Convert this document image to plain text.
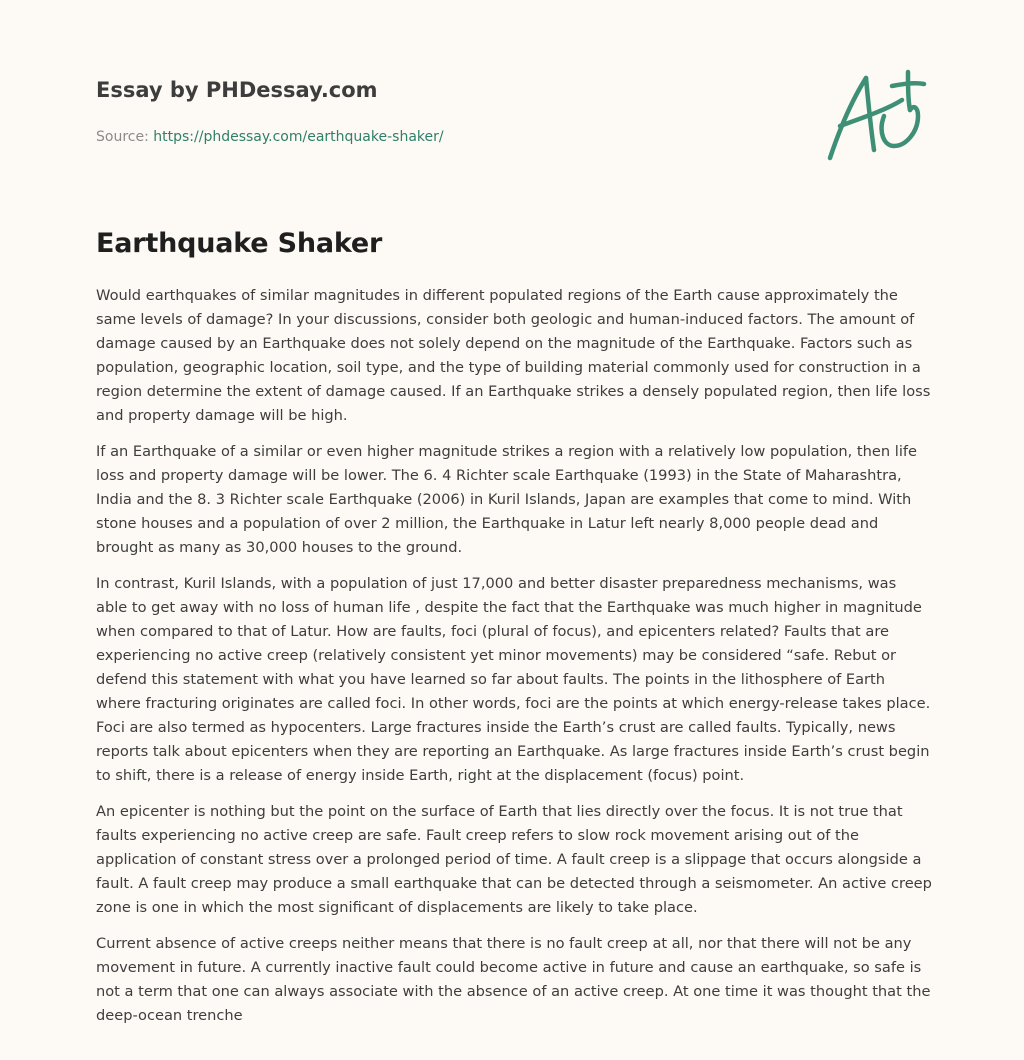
Essay by PHDessay.com
Source: https://phdessay.com/earthquake-shaker/
Earthquake Shaker

Would earthquakes of similar magnitudes in different populated regions of the Earth cause approximately the same levels of damage? In your discussions, consider both geologic and human-induced factors. The amount of damage caused by an Earthquake does not solely depend on the magnitude of the Earthquake. Factors such as population, geographic location, soil type, and the type of building material commonly used for construction in a region determine the extent of damage caused. If an Earthquake strikes a densely populated region, then life loss and property damage will be high.

If an Earthquake of a similar or even higher magnitude strikes a region with a relatively low population, then life loss and property damage will be lower. The 6. 4 Richter scale Earthquake (1993) in the State of Maharashtra, India and the 8. 3 Richter scale Earthquake (2006) in Kuril Islands, Japan are examples that come to mind. With stone houses and a population of over 2 million, the Earthquake in Latur left nearly 8,000 people dead and brought as many as 30,000 houses to the ground.

In contrast, Kuril Islands, with a population of just 17,000 and better disaster preparedness mechanisms, was able to get away with no loss of human life , despite the fact that the Earthquake was much higher in magnitude when compared to that of Latur. How are faults, foci (plural of focus), and epicenters related? Faults that are experiencing no active creep (relatively consistent yet minor movements) may be considered “safe. Rebut or defend this statement with what you have learned so far about faults. The points in the lithosphere of Earth where fracturing originates are called foci. In other words, foci are the points at which energy-release takes place. Foci are also termed as hypocenters. Large fractures inside the Earth’s crust are called faults. Typically, news reports talk about epicenters when they are reporting an Earthquake. As large fractures inside Earth’s crust begin to shift, there is a release of energy inside Earth, right at the displacement (focus) point.

An epicenter is nothing but the point on the surface of Earth that lies directly over the focus. It is not true that faults experiencing no active creep are safe. Fault creep refers to slow rock movement arising out of the application of constant stress over a prolonged period of time. A fault creep is a slippage that occurs alongside a fault. A fault creep may produce a small earthquake that can be detected through a seismometer. An active creep zone is one in which the most significant of displacements are likely to take place.

Current absence of active creeps neither means that there is no fault creep at all, nor that there will not be any movement in future. A currently inactive fault could become active in future and cause an earthquake, so safe is not a term that one can always associate with the absence of an active creep. At one time it was thought that the deep-ocean trenche
